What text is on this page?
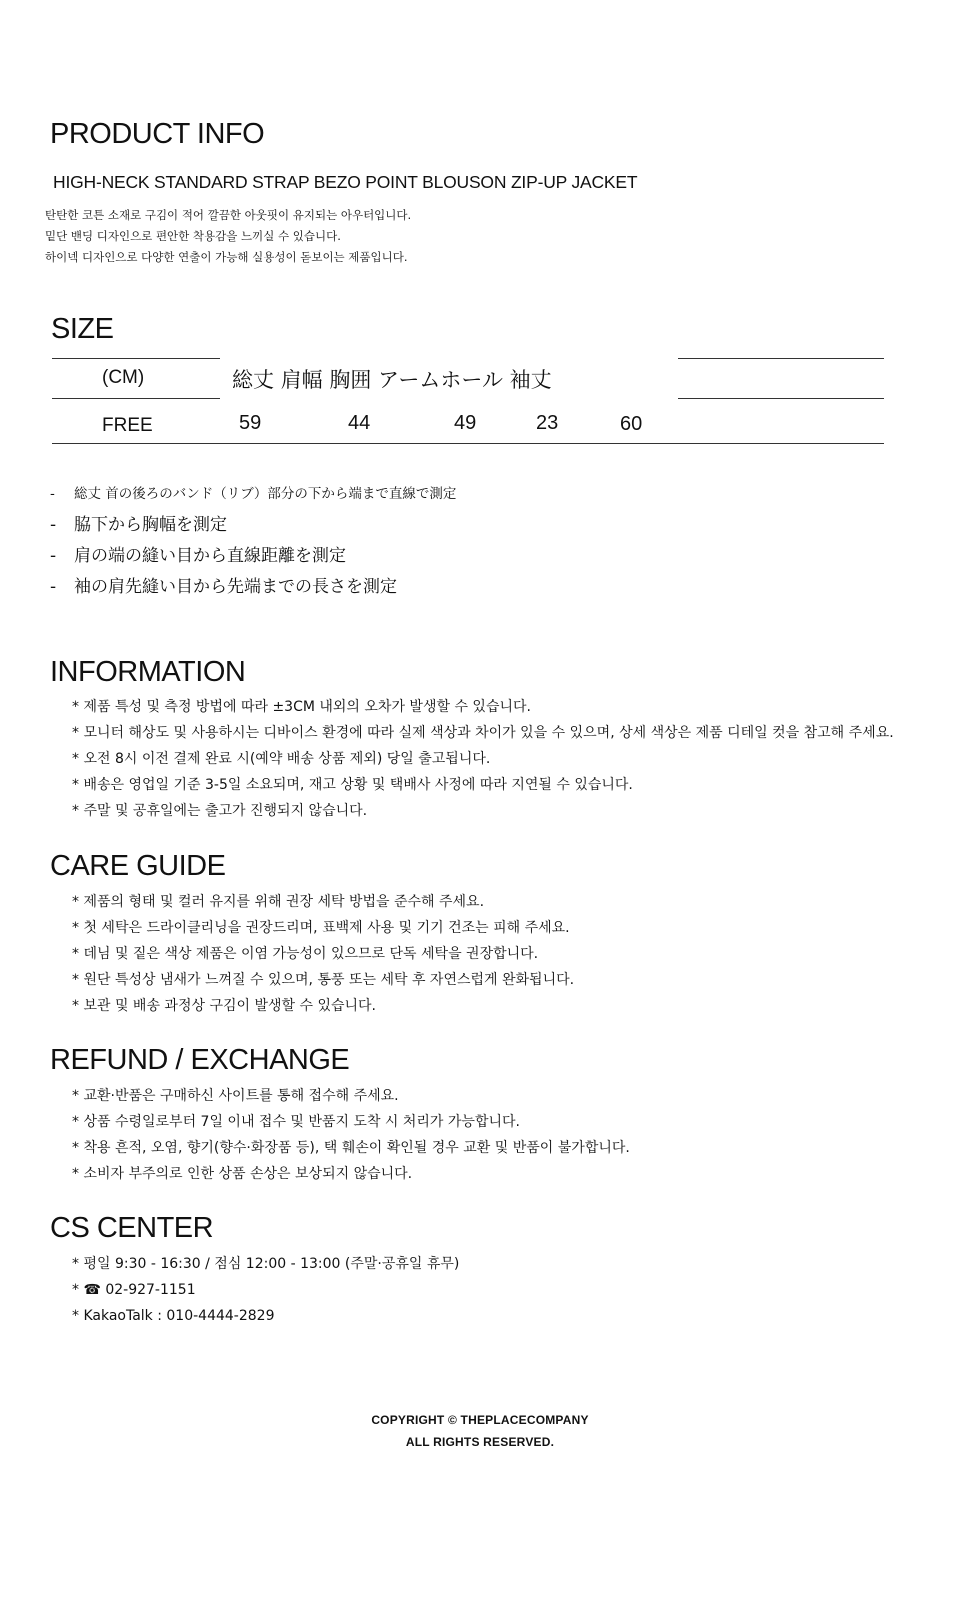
PRODUCT INFO
HIGH-NECK STANDARD STRAP BEZO POINT BLOUSON ZIP-UP JACKET
탄탄한 코튼 소재로 구김이 적어 깔끔한 아웃핏이 유지되는 아우터입니다.
밑단 밴딩 디자인으로 편안한 착용감을 느끼실 수 있습니다.
하이넥 디자인으로 다양한 연출이 가능해 실용성이 돋보이는 제품입니다.
SIZE
(CM)	総丈 肩幅 胸囲 アームホール 袖丈
FREE	59	44	49	23	60
- 総丈 首の後ろのバンド（リブ）部分の下から端まで直線で測定
- 脇下から胸幅を測定
- 肩の端の縫い目から直線距離を測定
- 袖の肩先縫い目から先端までの長さを測定
INFORMATION
* 제품 특성 및 측정 방법에 따라 ±3CM 내외의 오차가 발생할 수 있습니다.
* 모니터 해상도 및 사용하시는 디바이스 환경에 따라 실제 색상과 차이가 있을 수 있으며, 상세 색상은 제품 디테일 컷을 참고해 주세요.
* 오전 8시 이전 결제 완료 시(예약 배송 상품 제외) 당일 출고됩니다.
* 배송은 영업일 기준 3-5일 소요되며, 재고 상황 및 택배사 사정에 따라 지연될 수 있습니다.
* 주말 및 공휴일에는 출고가 진행되지 않습니다.
CARE GUIDE
* 제품의 형태 및 컬러 유지를 위해 권장 세탁 방법을 준수해 주세요.
* 첫 세탁은 드라이클리닝을 권장드리며, 표백제 사용 및 기기 건조는 피해 주세요.
* 데님 및 짙은 색상 제품은 이염 가능성이 있으므로 단독 세탁을 권장합니다.
* 원단 특성상 냄새가 느껴질 수 있으며, 통풍 또는 세탁 후 자연스럽게 완화됩니다.
* 보관 및 배송 과정상 구김이 발생할 수 있습니다.
REFUND / EXCHANGE
* 교환·반품은 구매하신 사이트를 통해 접수해 주세요.
* 상품 수령일로부터 7일 이내 접수 및 반품지 도착 시 처리가 가능합니다.
* 착용 흔적, 오염, 향기(향수·화장품 등), 택 훼손이 확인될 경우 교환 및 반품이 불가합니다.
* 소비자 부주의로 인한 상품 손상은 보상되지 않습니다.
CS CENTER
* 평일 9:30 - 16:30 / 점심 12:00 - 13:00 (주말·공휴일 휴무)
* ☎ 02-927-1151
* KakaoTalk : 010-4444-2829
COPYRIGHT © THEPLACECOMPANY
ALL RIGHTS RESERVED.
